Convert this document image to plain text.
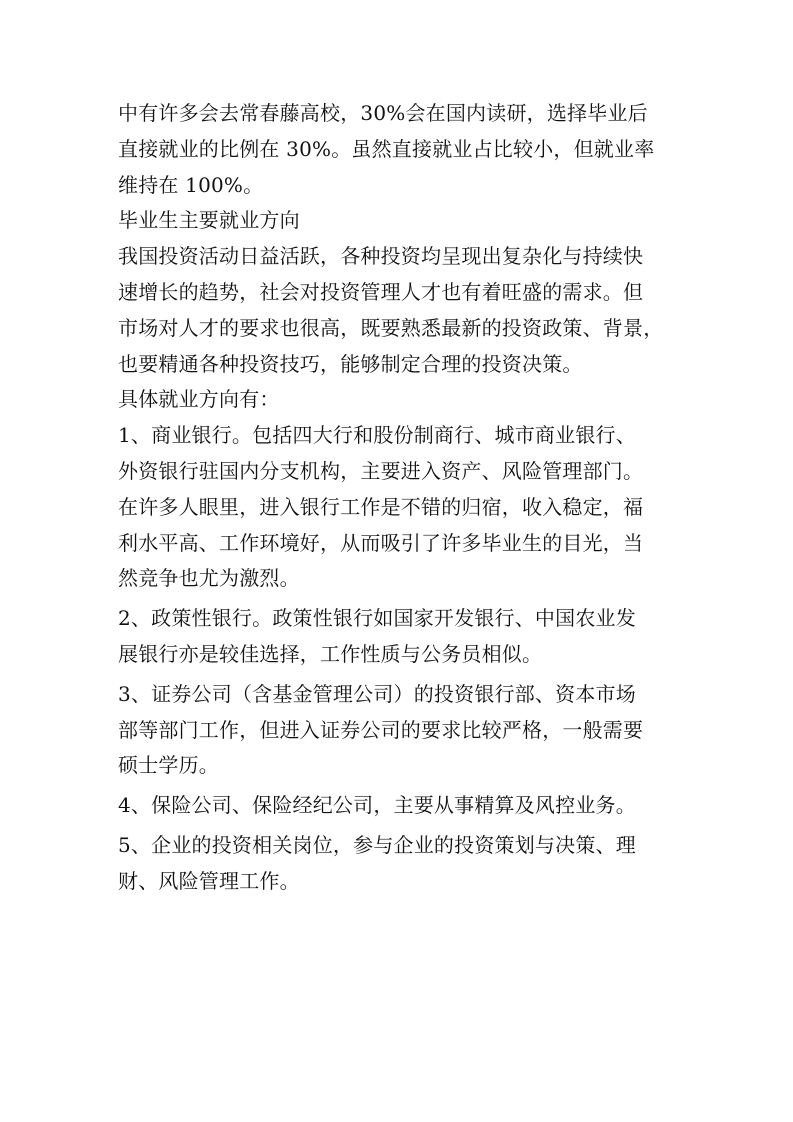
中有许多会去常春藤高校，30%会在国内读研，选择毕业后
直接就业的比例在 30%。虽然直接就业占比较小，但就业率
维持在 100%。
毕业生主要就业方向
我国投资活动日益活跃，各种投资均呈现出复杂化与持续快
速增长的趋势，社会对投资管理人才也有着旺盛的需求。但
市场对人才的要求也很高，既要熟悉最新的投资政策、背景，
也要精通各种投资技巧，能够制定合理的投资决策。
具体就业方向有：
1、商业银行。包括四大行和股份制商行、城市商业银行、
外资银行驻国内分支机构，主要进入资产、风险管理部门。
在许多人眼里，进入银行工作是不错的归宿，收入稳定，福
利水平高、工作环境好，从而吸引了许多毕业生的目光，当
然竞争也尤为激烈。
2、政策性银行。政策性银行如国家开发银行、中国农业发
展银行亦是较佳选择，工作性质与公务员相似。
3、证券公司（含基金管理公司）的投资银行部、资本市场
部等部门工作，但进入证券公司的要求比较严格，一般需要
硕士学历。
4、保险公司、保险经纪公司，主要从事精算及风控业务。
5、企业的投资相关岗位，参与企业的投资策划与决策、理
财、风险管理工作。
